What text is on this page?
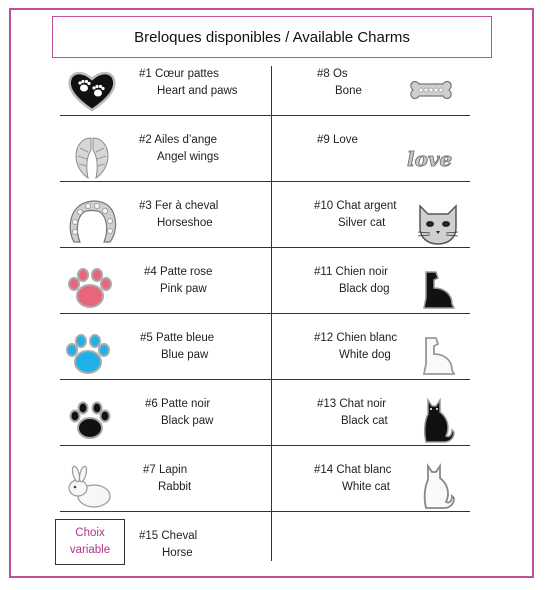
Breloques disponibles / Available Charms
#1 Cœur pattes
Heart and paws
#2 Ailes d’ange
Angel wings
#3 Fer à cheval
Horseshoe
#4 Patte rose
Pink paw
#5 Patte bleue
Blue paw
#6 Patte noir
Black paw
#7 Lapin
Rabbit
#15 Cheval
Horse
Choix
variable
#8 Os
Bone
#9 Love
love
#10 Chat argent
Silver cat
#11 Chien noir
Black dog
#12 Chien blanc
White dog
#13 Chat noir
Black cat
#14 Chat blanc
White cat
